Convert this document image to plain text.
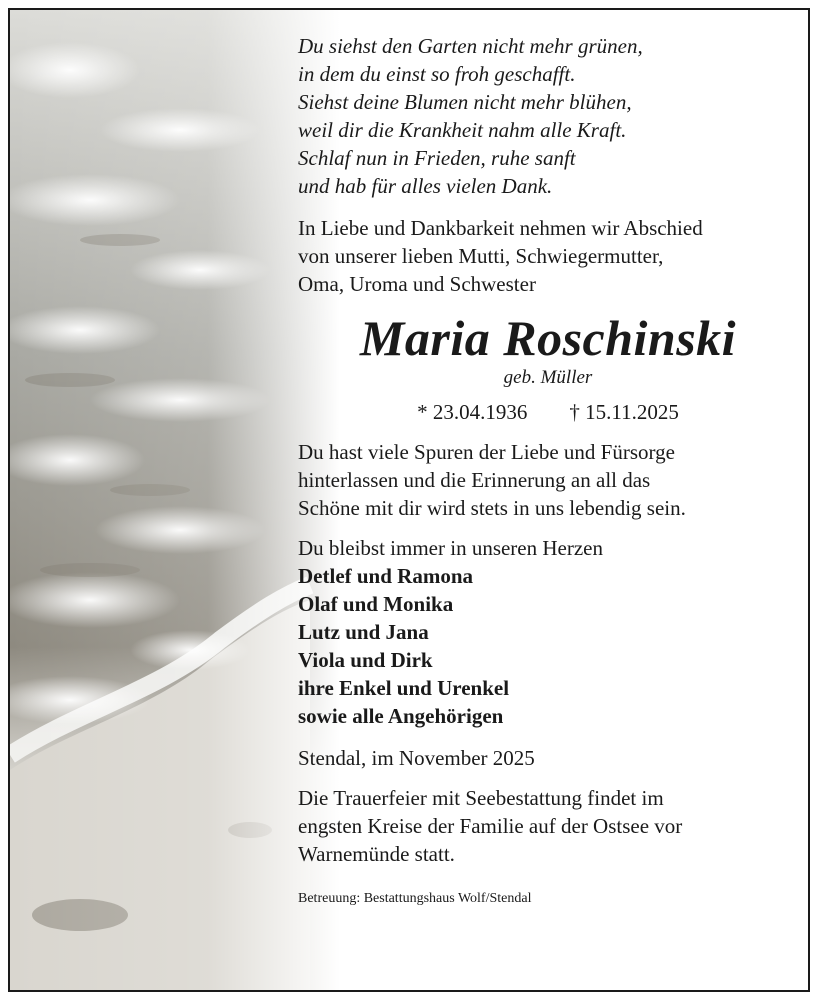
Du siehst den Garten nicht mehr grünen,
in dem du einst so froh geschafft.
Siehst deine Blumen nicht mehr blühen,
weil dir die Krankheit nahm alle Kraft.
Schlaf nun in Frieden, ruhe sanft
und hab für alles vielen Dank.
In Liebe und Dankbarkeit nehmen wir Abschied
von unserer lieben Mutti, Schwiegermutter,
Oma, Uroma und Schwester
Maria Roschinski
geb. Müller
* 23.04.1936 † 15.11.2025
Du hast viele Spuren der Liebe und Fürsorge
hinterlassen und die Erinnerung an all das
Schöne mit dir wird stets in uns lebendig sein.
Du bleibst immer in unseren Herzen
Detlef und Ramona
Olaf und Monika
Lutz und Jana
Viola und Dirk
ihre Enkel und Urenkel
sowie alle Angehörigen
Stendal, im November 2025
Die Trauerfeier mit Seebestattung findet im
engsten Kreise der Familie auf der Ostsee vor
Warnemünde statt.
Betreuung: Bestattungshaus Wolf/Stendal
